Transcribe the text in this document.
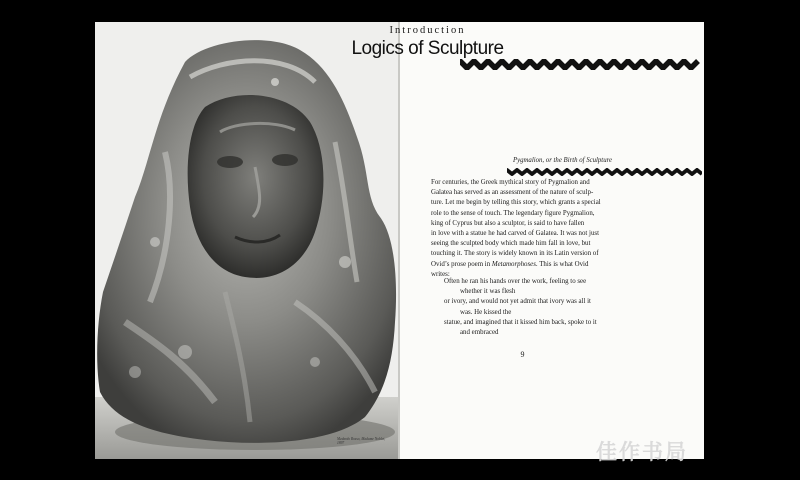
Medardo Rosso, Madame Noblet,
1897
Introduction
Logics of Sculpture
Pygmalion, or the Birth of Sculpture
For centuries, the Greek mythical story of Pygmalion and
Galatea has served as an assessment of the nature of sculp-
ture. Let me begin by telling this story, which grants a special
role to the sense of touch. The legendary figure Pygmalion,
king of Cyprus but also a sculptor, is said to have fallen
in love with a statue he had carved of Galatea. It was not just
seeing the sculpted body which made him fall in love, but
touching it. The story is widely known in its Latin version of
Ovid’s prose poem in Metamorphoses. This is what Ovid
writes:
Often he ran his hands over the work, feeling to see
whether it was flesh
or ivory, and would not yet admit that ivory was all it
was. He kissed the
statue, and imagined that it kissed him back, spoke to it
and embraced
9
佳作书局
